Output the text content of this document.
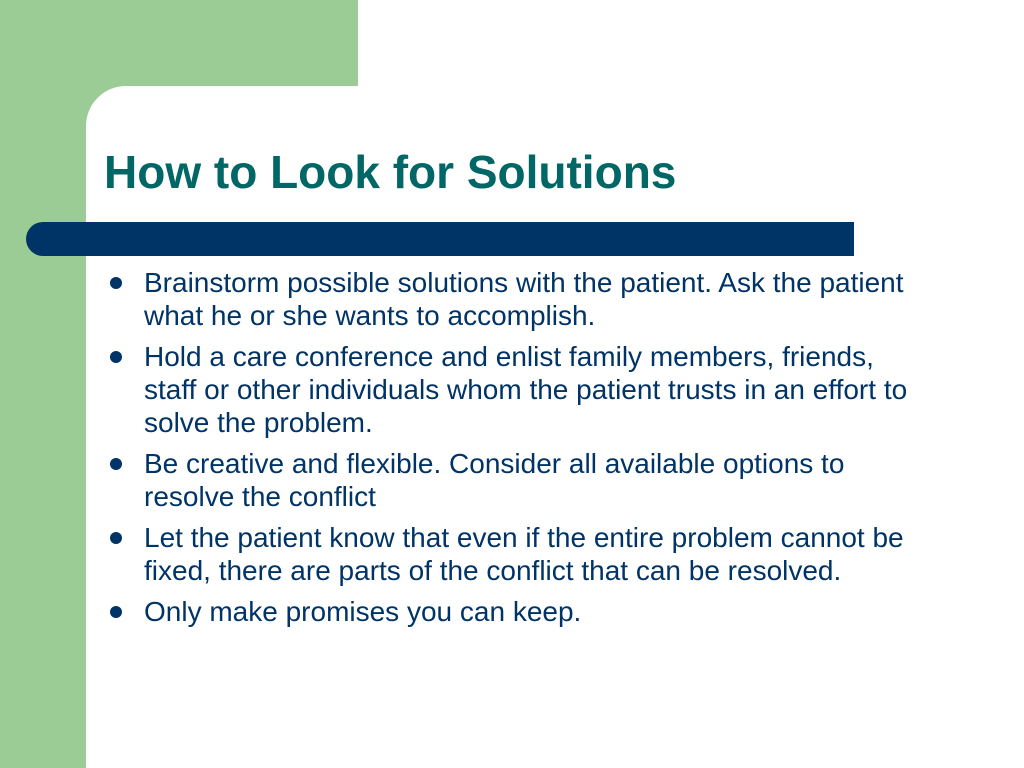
How to Look for Solutions
Brainstorm possible solutions with the patient. Ask the patient what he or she wants to accomplish.
Hold a care conference and enlist family members, friends, staff or other individuals whom the patient trusts in an effort to solve the problem.
Be creative and flexible. Consider all available options to resolve the conflict
Let the patient know that even if the entire problem cannot be fixed, there are parts of the conflict that can be resolved.
Only make promises you can keep.
